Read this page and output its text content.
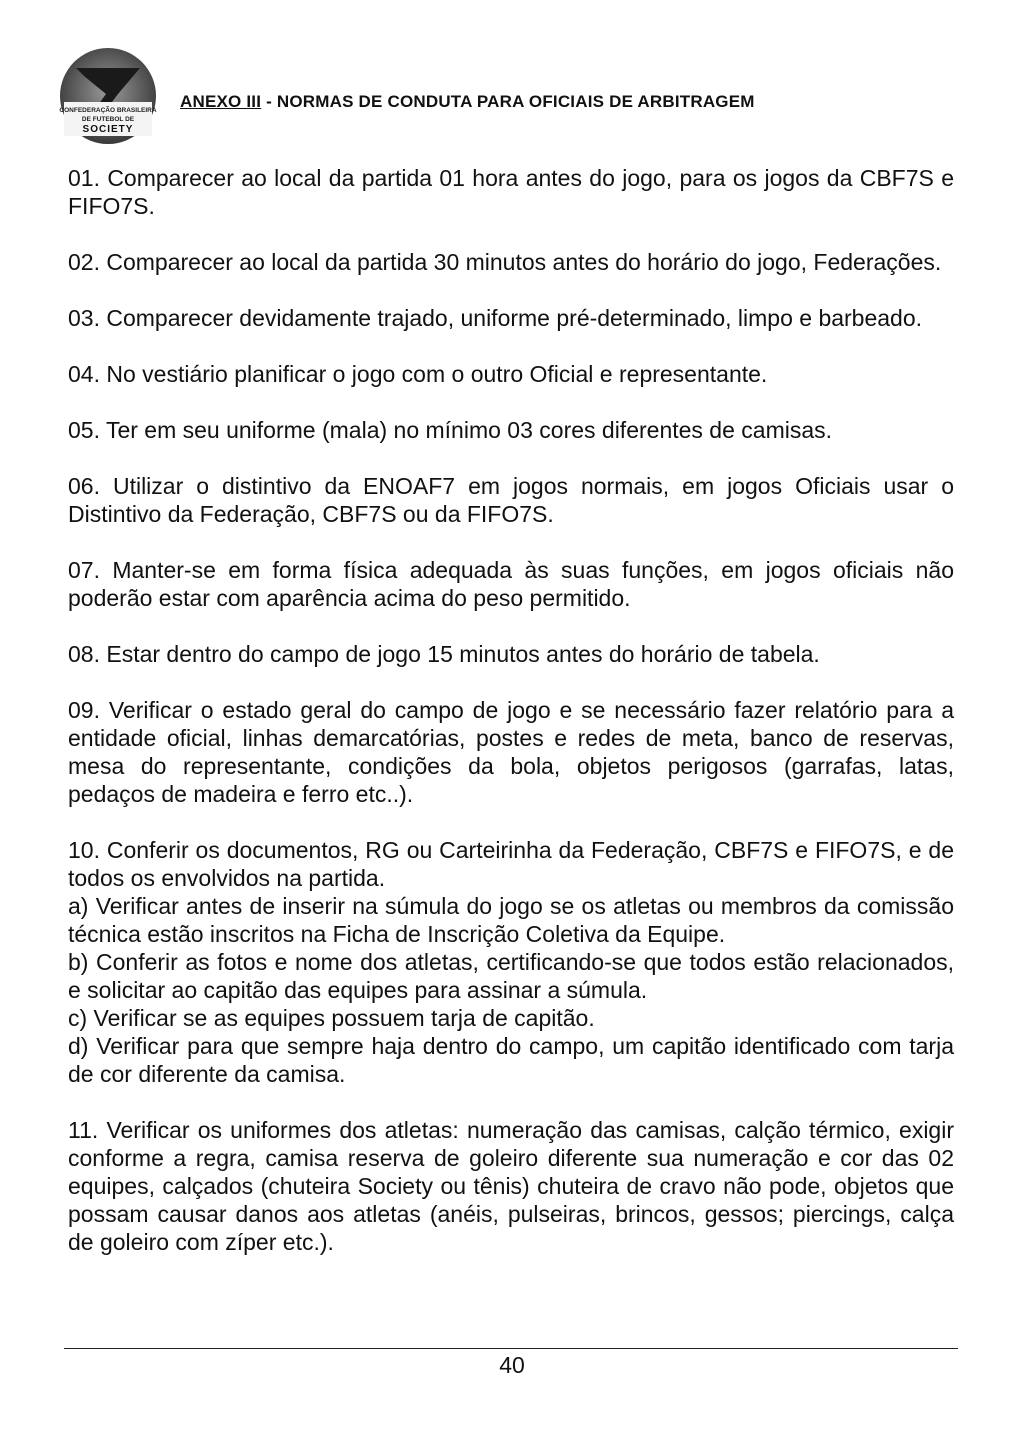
CONFEDERAÇÃO BRASILEIRA
DE FUTEBOL DE
SOCIETY
ANEXO III - NORMAS DE CONDUTA PARA OFICIAIS DE ARBITRAGEM

01. Comparecer ao local da partida 01 hora antes do jogo, para os jogos da CBF7S e FIFO7S.

02. Comparecer ao local da partida 30 minutos antes do horário do jogo, Federações.

03. Comparecer devidamente trajado, uniforme pré-determinado, limpo e barbeado.

04. No vestiário planificar o jogo com o outro Oficial e representante.

05. Ter em seu uniforme (mala) no mínimo 03 cores diferentes de camisas.

06. Utilizar o distintivo da ENOAF7 em jogos normais, em jogos Oficiais usar o Distintivo da Federação, CBF7S ou da FIFO7S.

07. Manter-se em forma física adequada às suas funções, em jogos oficiais não poderão estar com aparência acima do peso permitido.

08. Estar dentro do campo de jogo 15 minutos antes do horário de tabela.

09. Verificar o estado geral do campo de jogo e se necessário fazer relatório para a entidade oficial, linhas demarcatórias, postes e redes de meta, banco de reservas, mesa do representante, condições da bola, objetos perigosos (garrafas, latas, pedaços de madeira e ferro etc..).

10. Conferir os documentos, RG ou Carteirinha da Federação, CBF7S e FIFO7S, e de todos os envolvidos na partida.

a) Verificar antes de inserir na súmula do jogo se os atletas ou membros da comissão técnica estão inscritos na Ficha de Inscrição Coletiva da Equipe.

b) Conferir as fotos e nome dos atletas, certificando-se que todos estão relacionados, e solicitar ao capitão das equipes para assinar a súmula.

c) Verificar se as equipes possuem tarja de capitão.

d) Verificar para que sempre haja dentro do campo, um capitão identificado com tarja de cor diferente da camisa.

11. Verificar os uniformes dos atletas: numeração das camisas, calção térmico, exigir conforme a regra, camisa reserva de goleiro diferente sua numeração e cor das 02 equipes, calçados (chuteira Society ou tênis) chuteira de cravo não pode, objetos que possam causar danos aos atletas (anéis, pulseiras, brincos, gessos; piercings, calça de goleiro com zíper etc.).

40
